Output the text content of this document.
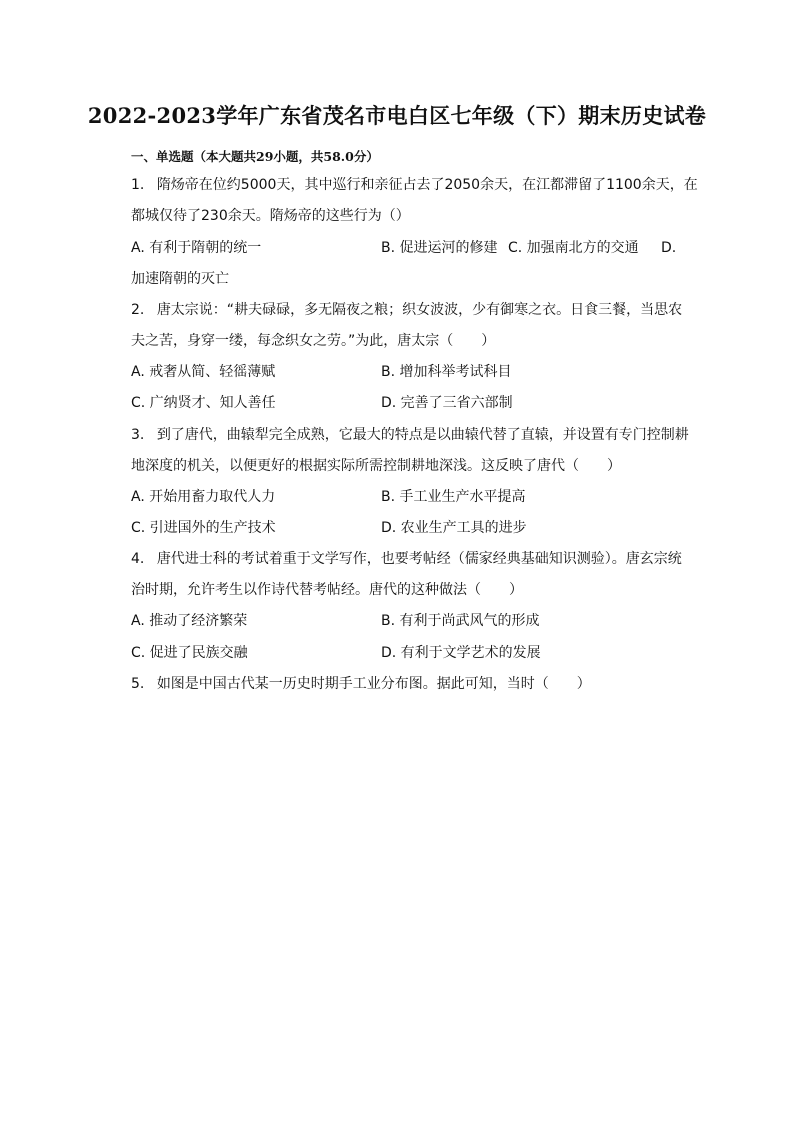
2022-2023学年广东省茂名市电白区七年级（下）期末历史试卷
一、单选题（本大题共29小题，共58.0分）
1. 隋炀帝在位约5000天，其中巡行和亲征占去了2050余天，在江都滞留了1100余天，在
都城仅待了230余天。隋炀帝的这些行为（）
A. 有利于隋朝的统一	B. 促进运河的修建 C. 加强南北方的交通 D.
加速隋朝的灭亡
2. 唐太宗说：“耕夫碌碌，多无隔夜之粮；织女波波，少有御寒之衣。日食三餐，当思农
夫之苦，身穿一缕，每念织女之劳。”为此，唐太宗（　　）
A. 戒奢从简、轻徭薄赋	B. 增加科举考试科目
C. 广纳贤才、知人善任	D. 完善了三省六部制
3. 到了唐代，曲辕犁完全成熟，它最大的特点是以曲辕代替了直辕，并设置有专门控制耕
地深度的机关，以便更好的根据实际所需控制耕地深浅。这反映了唐代（　　）
A. 开始用畜力取代人力	B. 手工业生产水平提高
C. 引进国外的生产技术	D. 农业生产工具的进步
4. 唐代进士科的考试着重于文学写作，也要考帖经（儒家经典基础知识测验）。唐玄宗统
治时期，允许考生以作诗代替考帖经。唐代的这种做法（　　）
A. 推动了经济繁荣	B. 有利于尚武风气的形成
C. 促进了民族交融	D. 有利于文学艺术的发展
5. 如图是中国古代某一历史时期手工业分布图。据此可知，当时（　　）
